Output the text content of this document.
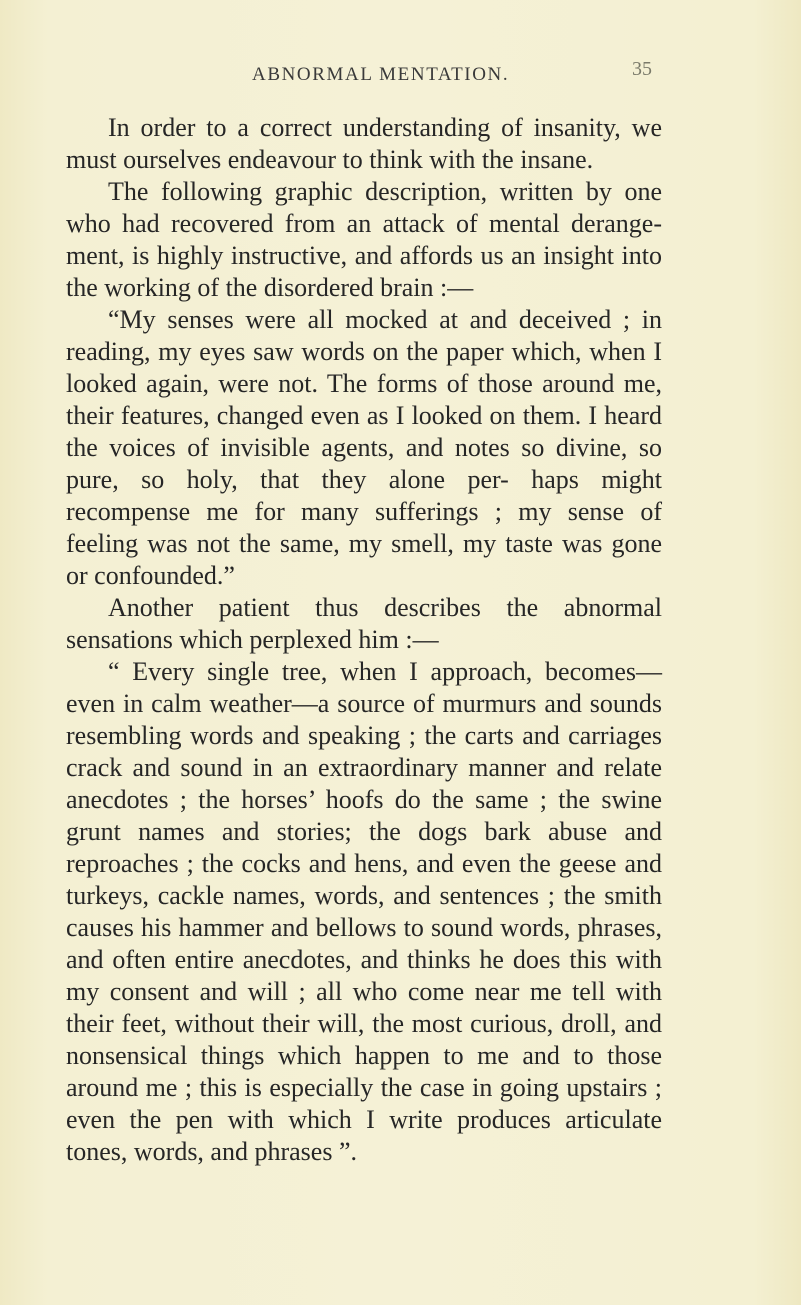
ABNORMAL MENTATION.	35

In order to a correct understanding of insanity, we must ourselves endeavour to think with the insane.

The following graphic description, written by one who had recovered from an attack of mental derange- ment, is highly instructive, and affords us an insight into the working of the disordered brain :—

“My senses were all mocked at and deceived ; in reading, my eyes saw words on the paper which, when I looked again, were not. The forms of those around me, their features, changed even as I looked on them. I heard the voices of invisible agents, and notes so divine, so pure, so holy, that they alone per- haps might recompense me for many sufferings ; my sense of feeling was not the same, my smell, my taste was gone or confounded.”

Another patient thus describes the abnormal sensations which perplexed him :—

“ Every single tree, when I approach, becomes— even in calm weather—a source of murmurs and sounds resembling words and speaking ; the carts and carriages crack and sound in an extraordinary manner and relate anecdotes ; the horses’ hoofs do the same ; the swine grunt names and stories; the dogs bark abuse and reproaches ; the cocks and hens, and even the geese and turkeys, cackle names, words, and sentences ; the smith causes his hammer and bellows to sound words, phrases, and often entire anecdotes, and thinks he does this with my consent and will ; all who come near me tell with their feet, without their will, the most curious, droll, and nonsensical things which happen to me and to those around me ; this is especially the case in going upstairs ; even the pen with which I write produces articulate tones, words, and phrases ”.
